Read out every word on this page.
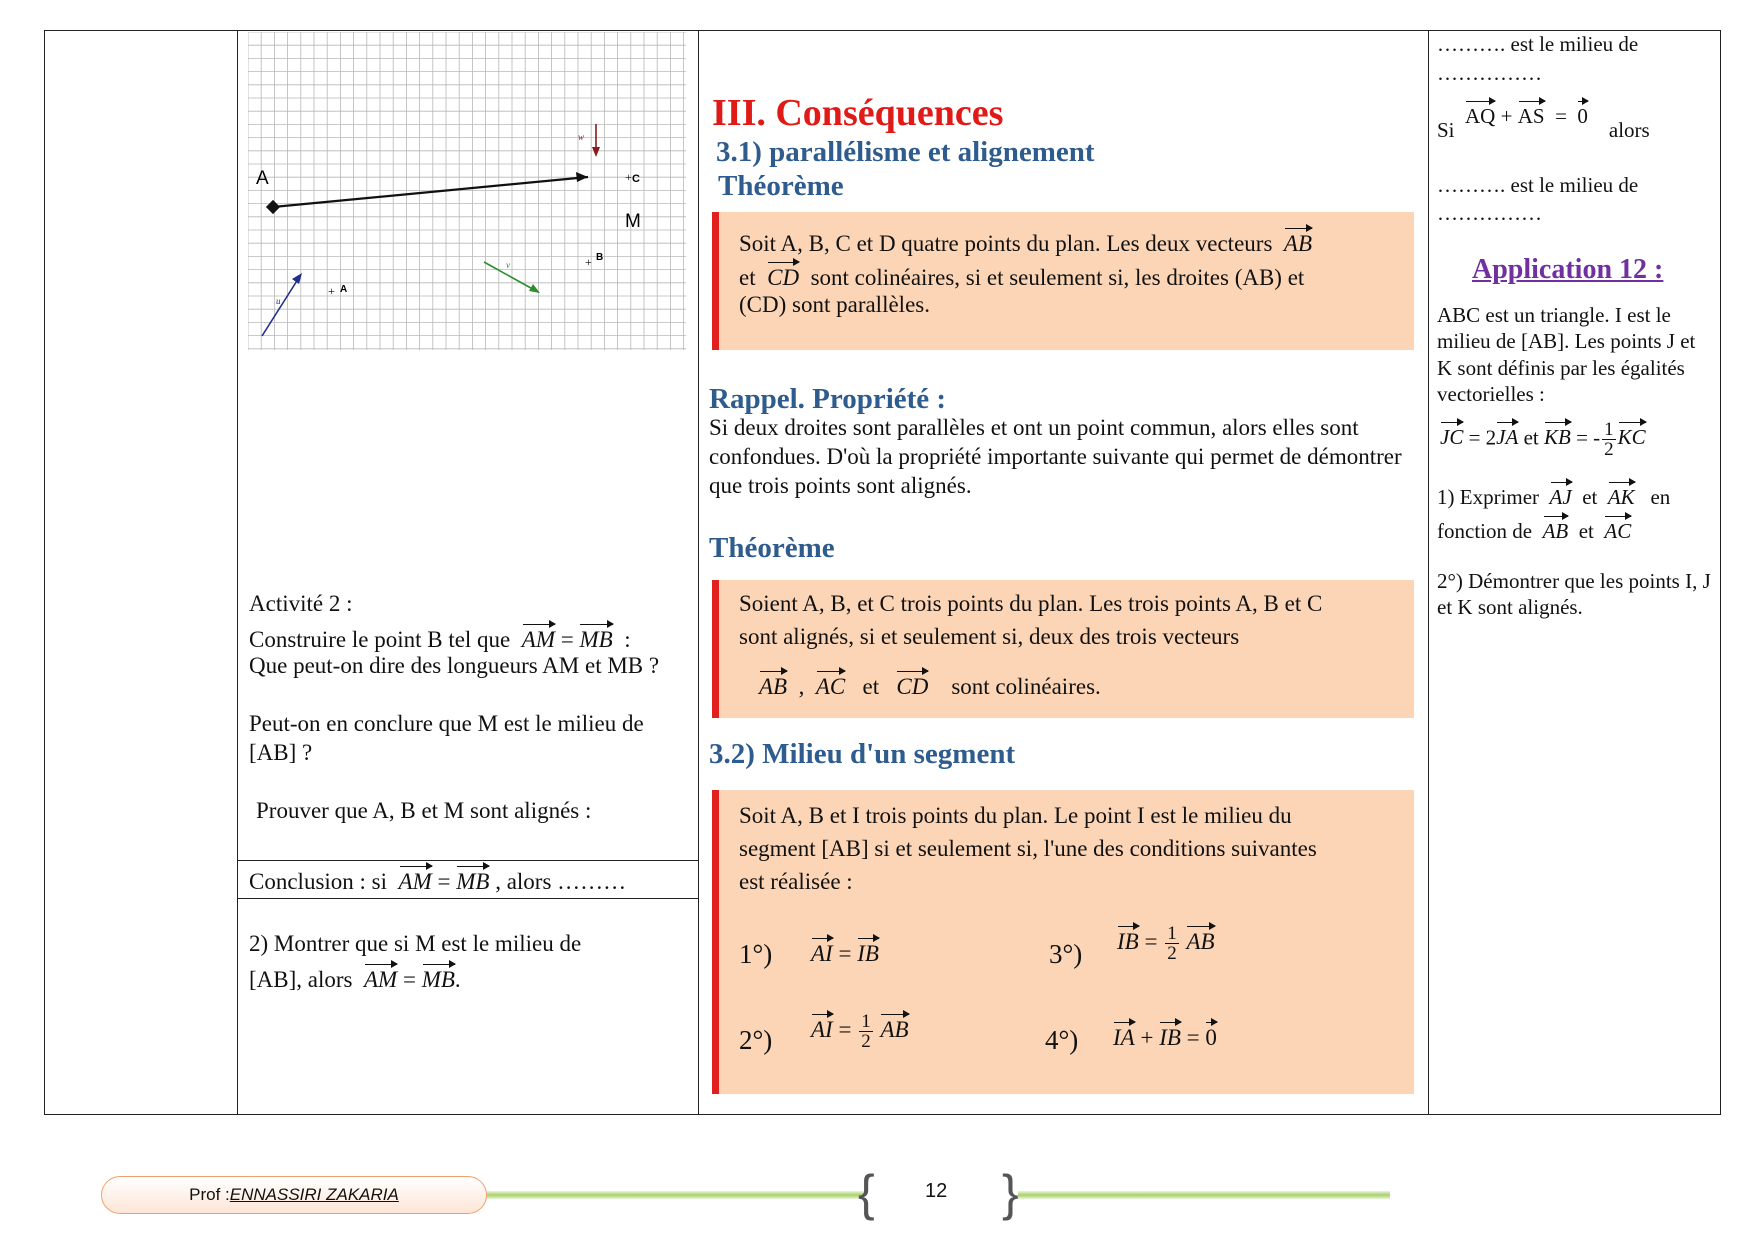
A	C
M
B
A
+
+
+
w
v
u
Activité 2 :
Construire le point B tel que AM = MB :
Que peut-on dire des longueurs AM et MB ?
Peut-on en conclure que M est le milieu de [AB] ?
Prouver que A, B et M sont alignés :
Conclusion : si AM = MB , alors ………
2) Montrer que si M est le milieu de
[AB], alors AM = MB.
III. Conséquences
3.1) parallélisme et alignement
Théorème
Soit A, B, C et D quatre points du plan. Les deux vecteurs AB
et CD sont colinéaires, si et seulement si, les droites (AB) et
(CD) sont parallèles.
Rappel. Propriété :
Si deux droites sont parallèles et ont un point commun, alors elles sont confondues. D'où la propriété importante suivante qui permet de démontrer que trois points sont alignés.
Théorème
Soient A, B, et C trois points du plan. Les trois points A, B et C
sont alignés, si et seulement si, deux des trois vecteurs
AB , AC et CD sont colinéaires.
3.2) Milieu d'un segment
Soit A, B et I trois points du plan. Le point I est le milieu du
segment [AB] si et seulement si, l'une des conditions suivantes
est réalisée :
1°) AI = IB	3°) IB = $\frac{1}{2}$ AB
2°) AI = $\frac{1}{2}$ AB	4°) IA + IB = 0
………. est le milieu de
……………
Si  AQ + AS = 0    alors
………. est le milieu de
……………
Application 12 :
ABC est un triangle. I est le milieu de [AB]. Les points J et K sont définis par les égalités vectorielles :
JC = 2JA et KB = - $\frac{1}{2}$ KC
1) Exprimer AJ et AK en
fonction de AB et AC
2°) Démontrer que les points I, J et K sont alignés.
Prof : ENNASSIRI ZAKARIA	{	12 }
